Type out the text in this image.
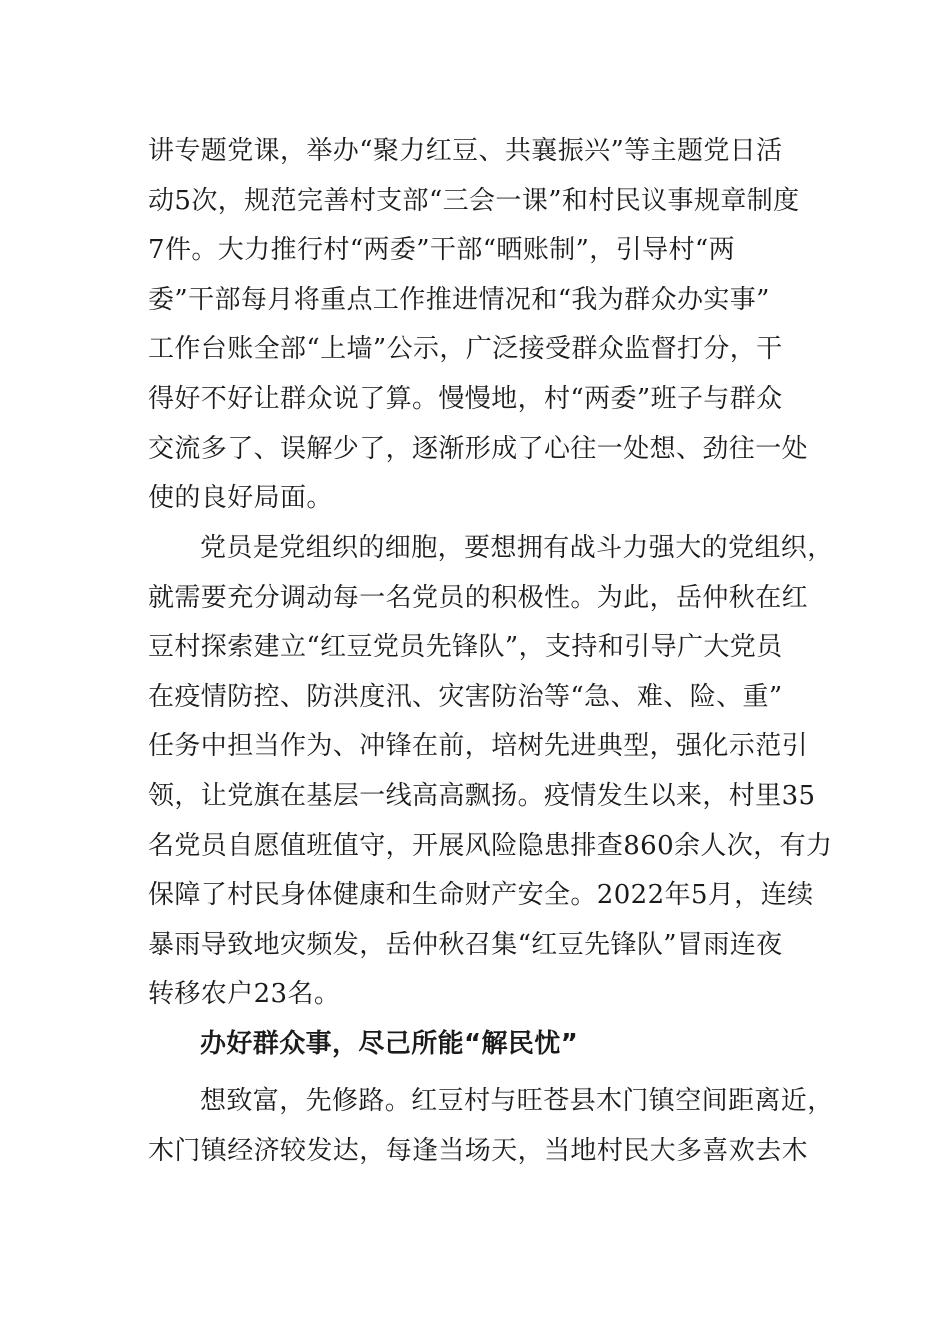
讲专题党课，举办“聚力红豆、共襄振兴”等主题党日活
动5次，规范完善村支部“三会一课”和村民议事规章制度
7件。大力推行村“两委”干部“晒账制”，引导村“两
委”干部每月将重点工作推进情况和“我为群众办实事”
工作台账全部“上墙”公示，广泛接受群众监督打分，干
得好不好让群众说了算。慢慢地，村“两委”班子与群众
交流多了、误解少了，逐渐形成了心往一处想、劲往一处
使的良好局面。
党员是党组织的细胞，要想拥有战斗力强大的党组织，
就需要充分调动每一名党员的积极性。为此，岳仲秋在红
豆村探索建立“红豆党员先锋队”，支持和引导广大党员
在疫情防控、防洪度汛、灾害防治等“急、难、险、重”
任务中担当作为、冲锋在前，培树先进典型，强化示范引
领，让党旗在基层一线高高飘扬。疫情发生以来，村里35
名党员自愿值班值守，开展风险隐患排查860余人次，有力
保障了村民身体健康和生命财产安全。2022年5月，连续
暴雨导致地灾频发，岳仲秋召集“红豆先锋队”冒雨连夜
转移农户23名。
办好群众事，尽己所能“解民忧”
想致富，先修路。红豆村与旺苍县木门镇空间距离近，
木门镇经济较发达，每逢当场天，当地村民大多喜欢去木
